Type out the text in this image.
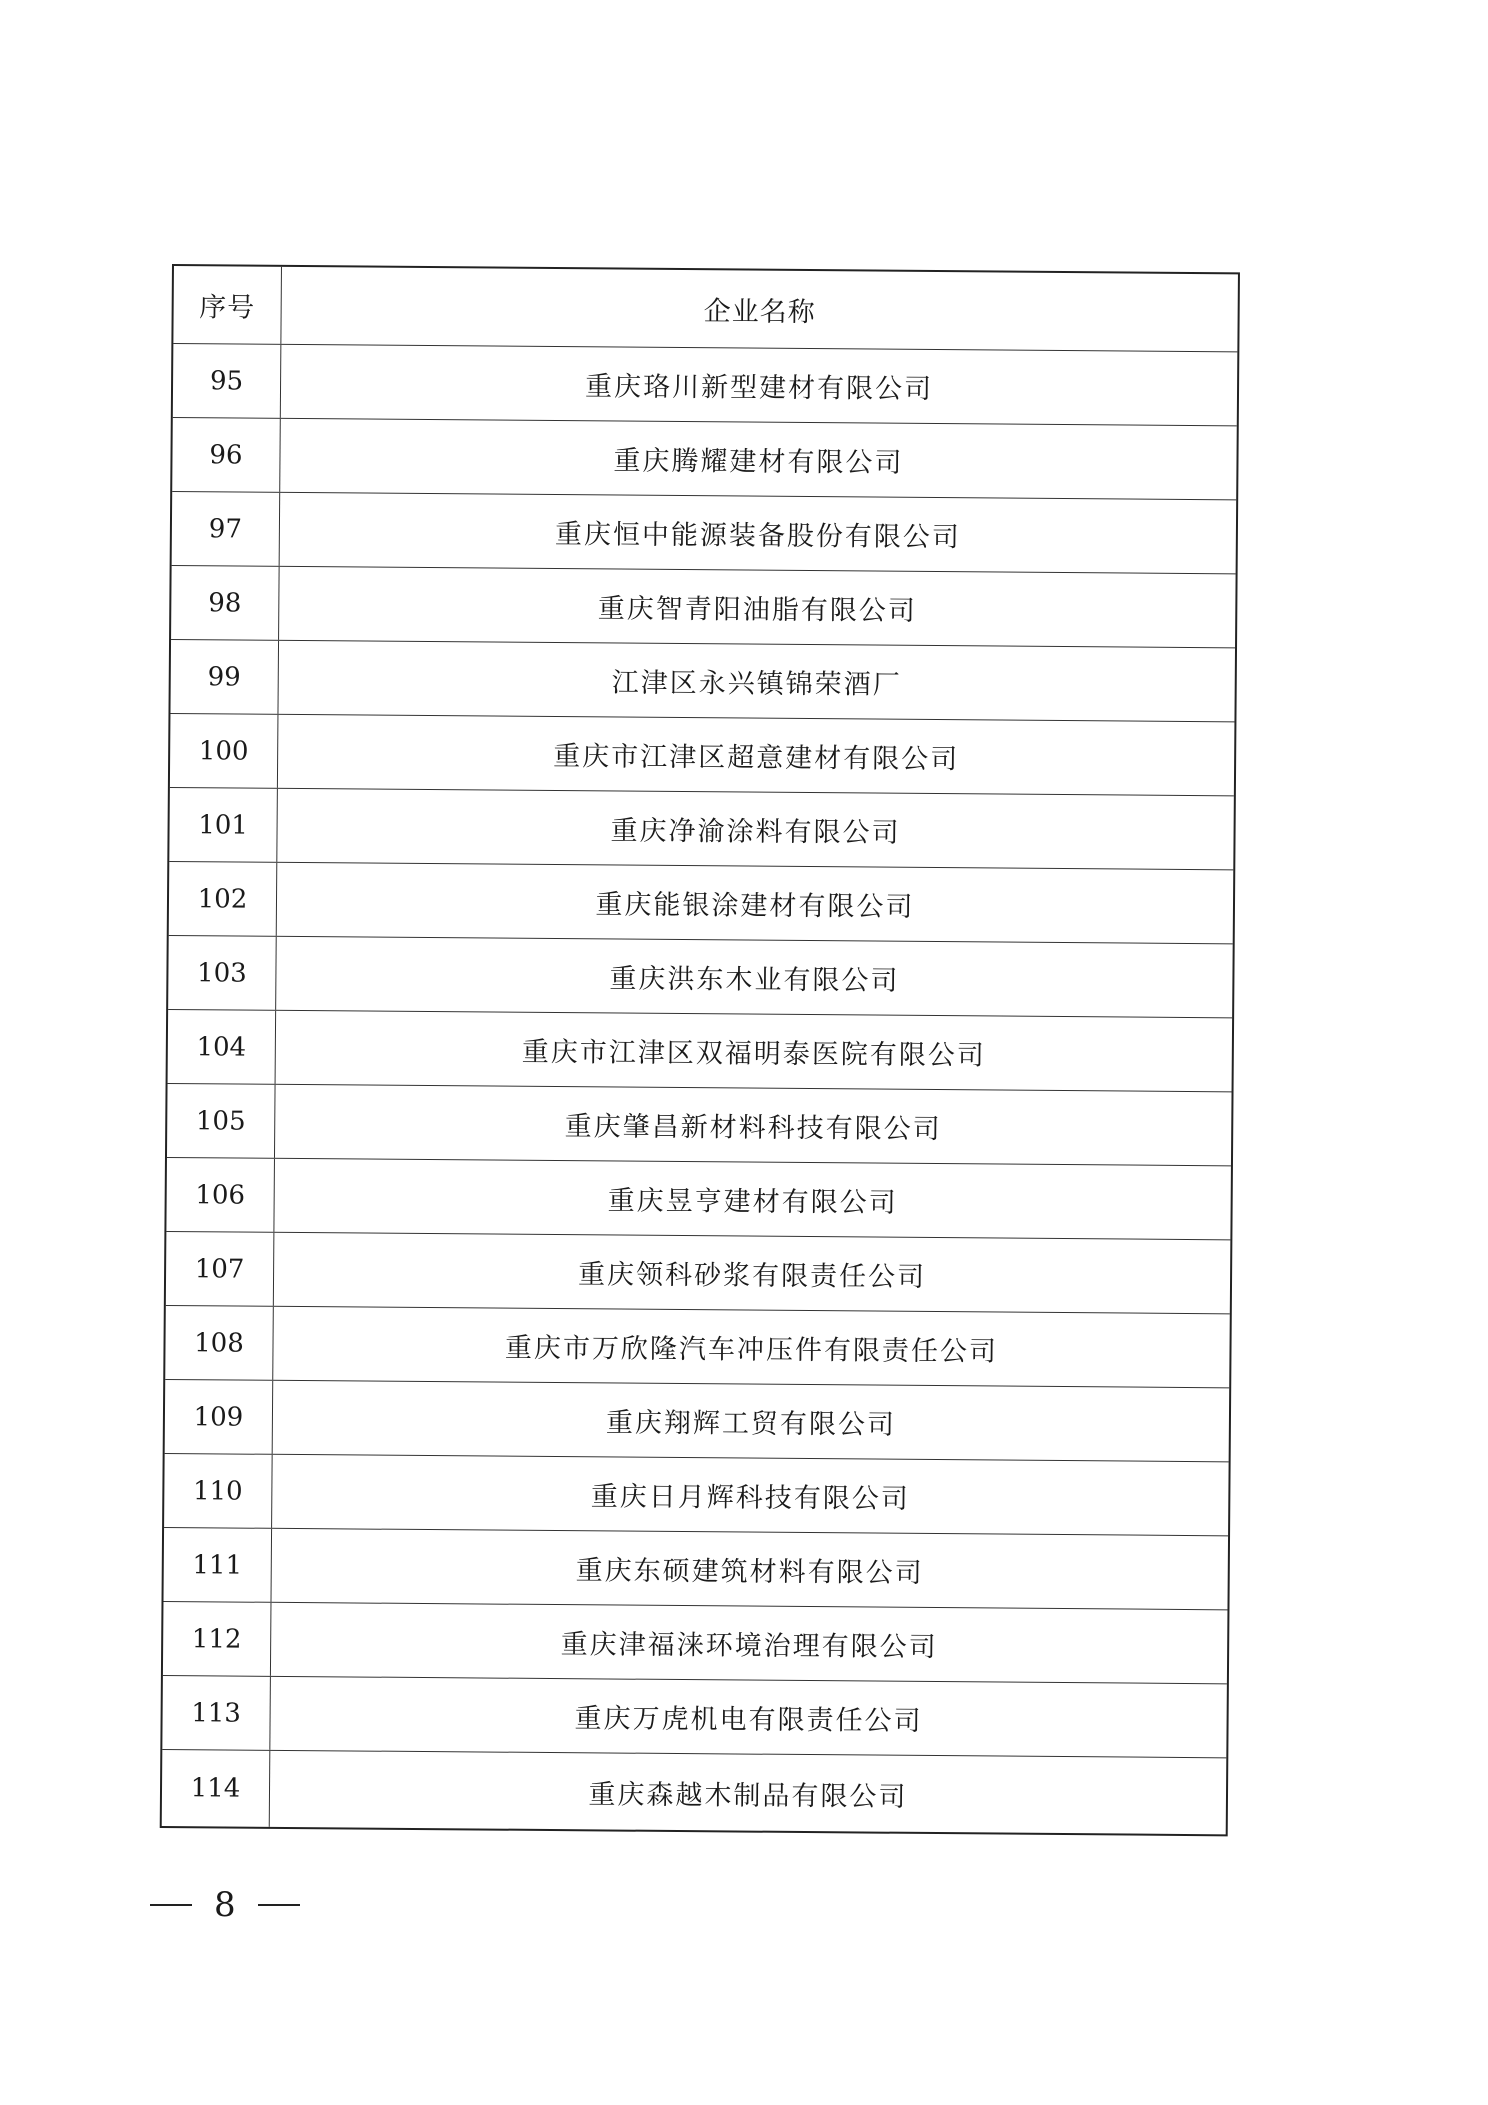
序号	企业名称
95	重庆珞川新型建材有限公司
96	重庆腾耀建材有限公司
97	重庆恒中能源装备股份有限公司
98	重庆智青阳油脂有限公司
99	江津区永兴镇锦荣酒厂
100	重庆市江津区超意建材有限公司
101	重庆净渝涂料有限公司
102	重庆能银涂建材有限公司
103	重庆洪东木业有限公司
104	重庆市江津区双福明泰医院有限公司
105	重庆肇昌新材料科技有限公司
106	重庆昱亨建材有限公司
107	重庆领科砂浆有限责任公司
108	重庆市万欣隆汽车冲压件有限责任公司
109	重庆翔辉工贸有限公司
110	重庆日月辉科技有限公司
111	重庆东硕建筑材料有限公司
112	重庆津福涞环境治理有限公司
113	重庆万虎机电有限责任公司
114	重庆森越木制品有限公司
8
